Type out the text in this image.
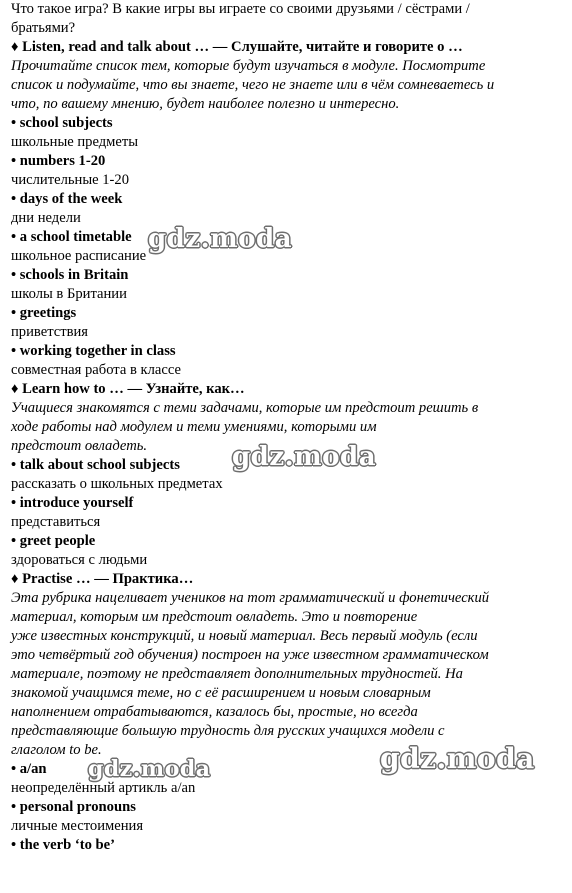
Что такое игра? В какие игры вы играете со своими друзьями / сёстрами /
братьями?
♦ Listen, read and talk about … — Слушайте, читайте и говорите о …
Прочитайте список тем, которые будут изучаться в модуле. Посмотрите
список и подумайте, что вы знаете, чего не знаете или в чём сомневаетесь и
что, по вашему мнению, будет наиболее полезно и интересно.
• school subjects
школьные предметы
• numbers 1-20
числительные 1-20
• days of the week
дни недели
• a school timetable
школьное расписание
• schools in Britain
школы в Британии
• greetings
приветствия
• working together in class
совместная работа в классе
♦ Learn how to … — Узнайте, как…
Учащиеся знакомятся с теми задачами, которые им предстоит решить в
ходе работы над модулем и теми умениями, которыми им
предстоит овладеть.
• talk about school subjects
рассказать о школьных предметах
• introduce yourself
представиться
• greet people
здороваться с людьми
♦ Practise … — Практика…
Эта рубрика нацеливает учеников на тот грамматический и фонетический
материал, которым им предстоит овладеть. Это и повторение
уже известных конструкций, и новый материал. Весь первый модуль (если
это четвёртый год обучения) построен на уже известном грамматическом
материале, поэтому не представляет дополнительных трудностей. На
знакомой учащимся теме, но с её расширением и новым словарным
наполнением отрабатываются, казалось бы, простые, но всегда
представляющие большую трудность для русских учащихся модели с
глаголом to be.
• a/an
неопределённый артикль a/an
• personal pronouns
личные местоимения
• the verb ‘to be’
gdz.moda
gdz.moda
gdz.moda	gdz.moda
